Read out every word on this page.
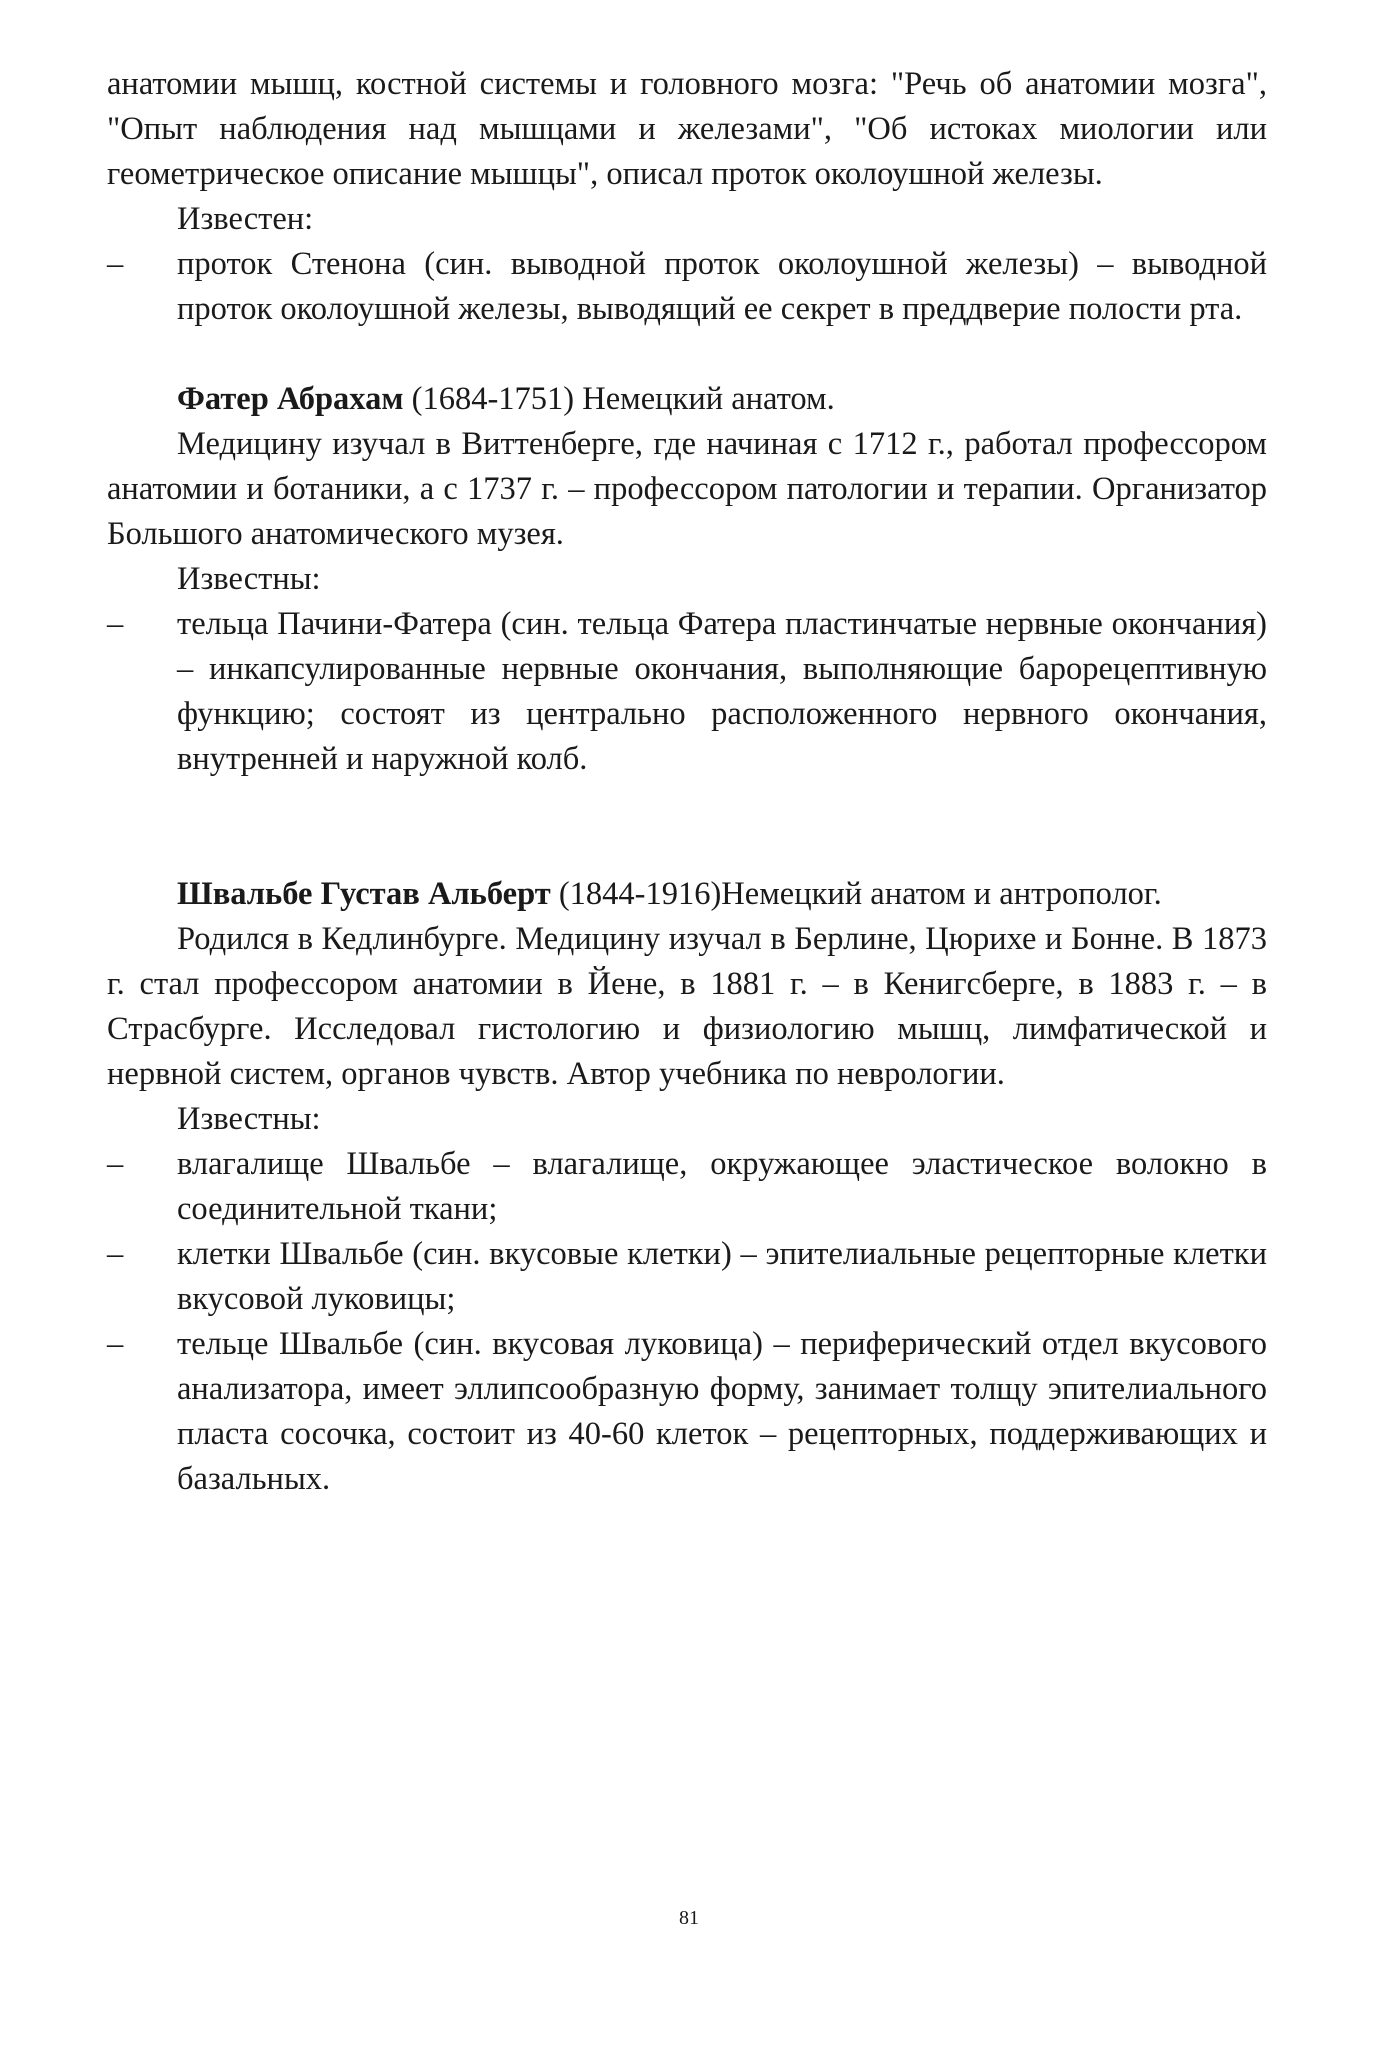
анатомии мышц, костной системы и головного мозга: "Речь об анатомии мозга", "Опыт наблюдения над мышцами и железами", "Об истоках миологии или геометрическое описание мышцы", описал проток околоушной железы.

Известен:

– проток Стенона (син. выводной проток околоушной железы) – выводной проток околоушной железы, выводящий ее секрет в преддверие полости рта.

Фатер Абрахам (1684-1751) Немецкий анатом.

Медицину изучал в Виттенберге, где начиная с 1712 г., работал профессором анатомии и ботаники, а с 1737 г. – профессором патологии и терапии. Организатор Большого анатомического музея.

Известны:

– тельца Пачини-Фатера (син. тельца Фатера пластинчатые нервные окончания) – инкапсулированные нервные окончания, выполняющие барорецептивную функцию; состоят из центрально расположенного нервного окончания, внутренней и наружной колб.

Швальбе Густав Альберт (1844-1916)Немецкий анатом и антрополог.

Родился в Кедлинбурге. Медицину изучал в Берлине, Цюрихе и Бонне. В 1873 г. стал профессором анатомии в Йене, в 1881 г. – в Кенигсберге, в 1883 г. – в Страсбурге. Исследовал гистологию и физиологию мышц, лимфатической и нервной систем, органов чувств. Автор учебника по неврологии.

Известны:

– влагалище Швальбе – влагалище, окружающее эластическое волокно в соединительной ткани;

– клетки Швальбе (син. вкусовые клетки) – эпителиальные рецепторные клетки вкусовой луковицы;

– тельце Швальбе (син. вкусовая луковица) – периферический отдел вкусового анализатора, имеет эллипсообразную форму, занимает толщу эпителиального пласта сосочка, состоит из 40-60 клеток – рецепторных, поддерживающих и базальных.

81
